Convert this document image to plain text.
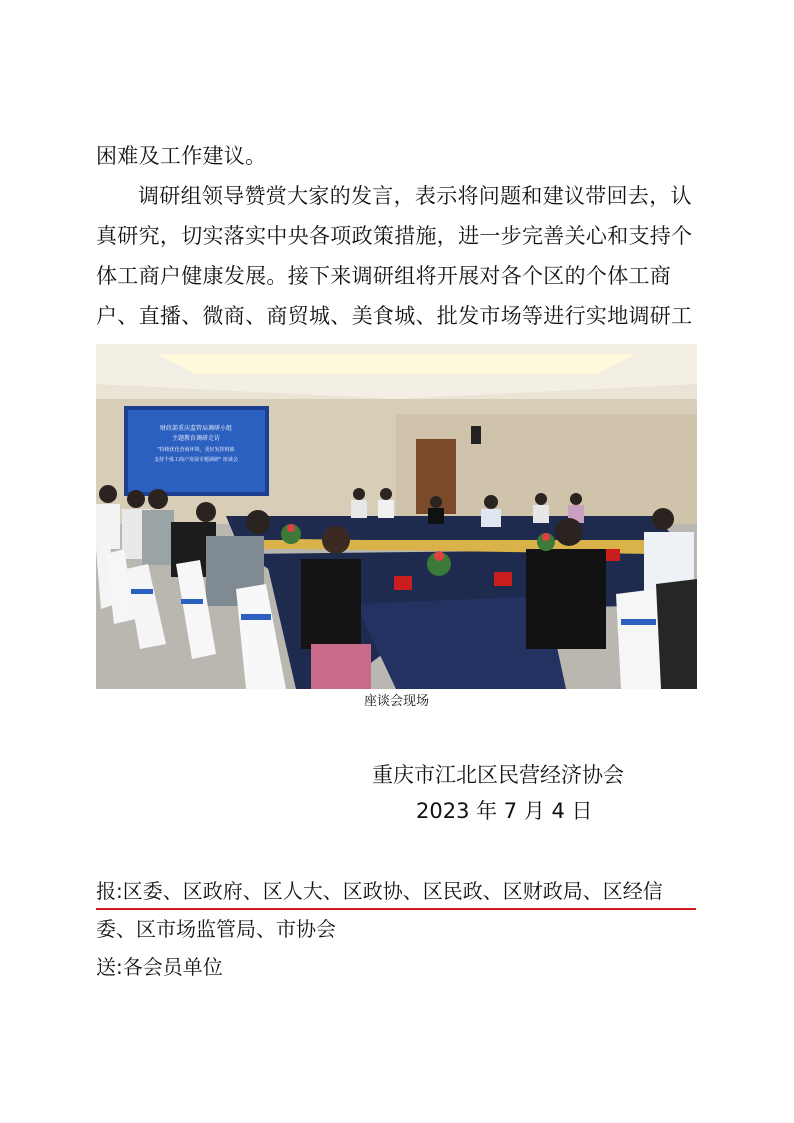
困难及工作建议。
调研组领导赞赏大家的发言，表示将问题和建议带回去，认真研究，切实落实中央各项政策措施，进一步完善关心和支持个体工商户健康发展。接下来调研组将开展对各个区的个体工商户、直播、微商、商贸城、美食城、批发市场等进行实地调研工
财政部重庆监管局调研小组
主题教育调研走访
"持续优化营商环境，更好发挥财政
支持个体工商户发展专题调研" 座谈会
座谈会现场
重庆市江北区民营经济协会
2023 年 7 月 4 日
报:区委、区政府、区人大、区政协、区民政、区财政局、区经信
委、区市场监管局、市协会
送:各会员单位
